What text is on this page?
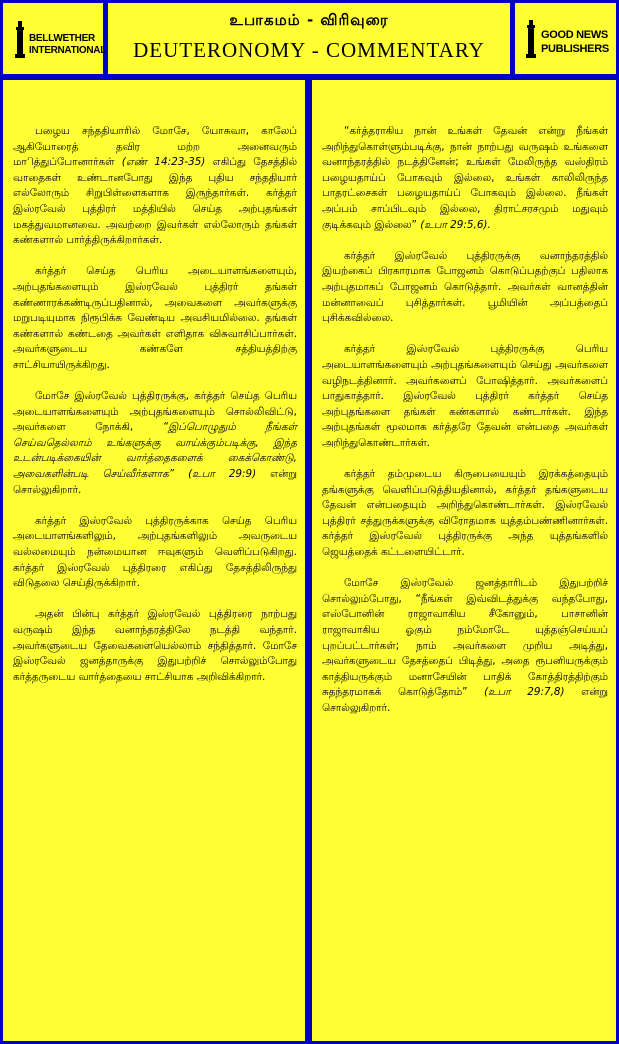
BELLWETHER
INTERNATIONAL
உபாகமம் - விரிவுரை
DEUTERONOMY - COMMENTARY
GOOD NEWS
PUBLISHERS

பழைய சந்ததியாரில் மோசே, யோசுவா, காலேப் ஆகியோரைத் தவிர மற்ற அனைவரும் மாித்துப்போனார்கள் (எண் 14:23-35) எகிப்து தேசத்தில் வாதைகள் உண்டானபோது இந்த புதிய சந்ததியார் எல்லோரும் சிறுபிள்ளைகளாக இருந்தார்கள். கர்த்தர் இஸ்ரவேல் புத்திரர் மத்தியில் செய்த அற்புதங்கள் மகத்துவமானவை. அவற்றை இவர்கள் எல்லோரும் தங்கள் கண்களால் பார்த்திருக்கிறார்கள்.

கர்த்தர் செய்த பெரிய அடையாளங்களையும், அற்புதங்களையும் இஸ்ரவேல் புத்திரர் தங்கள் கண்ணாரக்கண்டிருப்பதினால், அவைகளை அவர்களுக்கு மறுபடியுமாக நிரூபிக்க வேண்டிய அவசியமில்லை. தங்கள் கண்களால் கண்டதை அவர்கள் எளிதாக விசுவாசிப்பார்கள். அவர்களுடைய கண்களே சத்தியத்திற்கு சாட்சியாயிருக்கிறது.

மோசே இஸ்ரவேல் புத்திரருக்கு, கர்த்தர் செய்த பெரிய அடையாளங்களையும் அற்புதங்களையும் சொல்லிவிட்டு, அவர்களை நோக்கி, “இப்பொழுதும் நீங்கள் செய்வதெல்லாம் உங்களுக்கு வாய்க்கும்படிக்கு, இந்த உடன்படிக்கையின் வார்த்தைகளைக் கைக்கொண்டு, அவைகளின்படி செய்வீர்களாக” (உபா 29:9) என்று சொல்லுகிறார்.

கர்த்தர் இஸ்ரவேல் புத்திரருக்காக செய்த பெரிய அடையாளங்களிலும், அற்புதங்களிலும் அவருடைய வல்லமையும் நன்மையான ஈவுகளும் வெளிப்படுகிறது. கர்த்தர் இஸ்ரவேல் புத்திரரை எகிப்து தேசத்திலிருந்து விடுதலை செய்திருக்கிறார்.

அதன் பின்பு கர்த்தர் இஸ்ரவேல் புத்திரரை நாற்பது வருஷம் இந்த வனாந்தரத்திலே நடத்தி வந்தார். அவர்களுடைய தேவைகளையெல்லாம் சந்தித்தார். மோசே இஸ்ரவேல் ஜனத்தாருக்கு இதுபற்றிச் சொல்லும்போது கர்த்தருடைய வார்த்தையை சாட்சியாக அறிவிக்கிறார்.

“கர்த்தராகிய நான் உங்கள் தேவன் என்று நீங்கள் அறிந்துகொள்ளும்படிக்கு, நான் நாற்பது வருஷம் உங்களை வனாந்தரத்தில் நடத்தினேன்; உங்கள் மேலிருந்த வஸ்திரம் பழையதாய்ப் போகவும் இல்லை, உங்கள் காலிலிருந்த பாதரட்சைகள் பழையதாய்ப் போகவும் இல்லை. நீங்கள் அப்பம் சாப்பிடவும் இல்லை, திராட்சரசமும் மதுவும் குடிக்கவும் இல்லை” (உபா 29:5,6).

கர்த்தர் இஸ்ரவேல் புத்திரருக்கு வனாந்தரத்தில் இயற்கைப் பிரகாரமாக போஜனம் கொடுப்பதற்குப் பதிலாக அற்புதமாகப் போஜனம் கொடுத்தார். அவர்கள் வானத்தின் மன்னாவைப் புசித்தார்கள். பூமியின் அப்பத்தைப் புசிக்கவில்லை.

கர்த்தர் இஸ்ரவேல் புத்திரருக்கு பெரிய அடையாளங்களையும் அற்புதங்களையும் செய்து அவர்களை வழிநடத்தினார். அவர்களைப் போஷித்தார். அவர்களைப் பாதுகாத்தார். இஸ்ரவேல் புத்திரர் கர்த்தர் செய்த அற்புதங்களை தங்கள் கண்களால் கண்டார்கள். இந்த அற்புதங்கள் மூலமாக கர்த்தரே தேவன் என்பதை அவர்கள் அறிந்துகொண்டார்கள்.

கர்த்தர் தம்முடைய கிருபையையும் இரக்கத்தையும் தங்களுக்கு வெளிப்படுத்தியதினால், கர்த்தர் தங்களுடைய தேவன் என்பதையும் அறிந்துகொண்டார்கள். இஸ்ரவேல் புத்திரர் சத்துருக்களுக்கு விரோதமாக யுத்தம்பண்ணினார்கள். கர்த்தர் இஸ்ரவேல் புத்திரருக்கு அந்த யுத்தங்களில் ஜெயத்தைக் கட்டளையிட்டார்.

மோசே இஸ்ரவேல் ஜனத்தாரிடம் இதுபற்றிச் சொல்லும்போது, “நீங்கள் இவ்விடத்துக்கு வந்தபோது, எஸ்போனின் ராஜாவாகிய சீகோனும், பாசானின் ராஜாவாகிய ஓகும் நம்மோடே யுத்தஞ்செய்யப் புறப்பட்டார்கள்; நாம் அவர்களை முறிய அடித்து, அவர்களுடைய தேசத்தைப் பிடித்து, அதை ரூபனியருக்கும் காத்தியருக்கும் மனாசேயின் பாதிக் கோத்திரத்திற்கும் சுதந்தரமாகக் கொடுத்தோம்” (உபா 29:7,8) என்று சொல்லுகிறார்.
